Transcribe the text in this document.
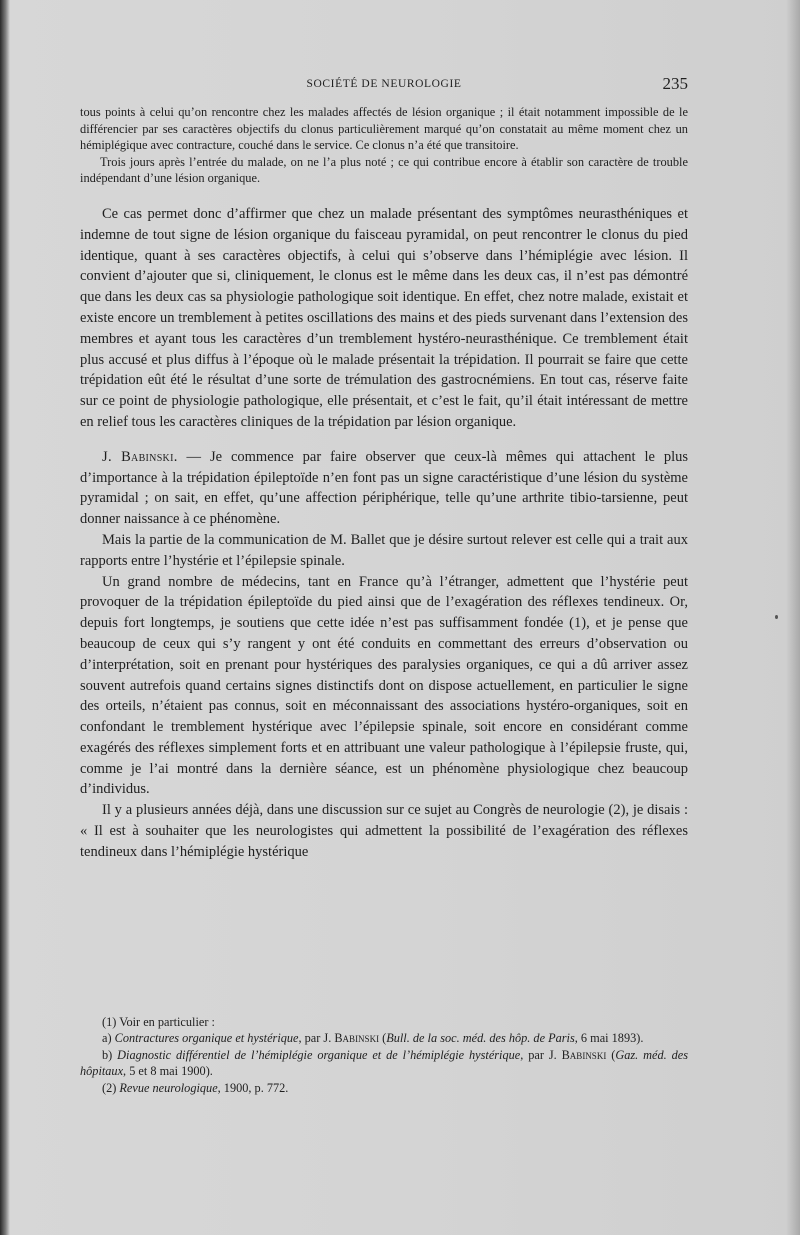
SOCIÉTÉ DE NEUROLOGIE	235

tous points à celui qu’on rencontre chez les malades affectés de lésion organique ; il était notamment impossible de le différencier par ses caractères objectifs du clonus particulièrement marqué qu’on constatait au même moment chez un hémiplégique avec contracture, couché dans le service. Ce clonus n’a été que transitoire.

Trois jours après l’entrée du malade, on ne l’a plus noté ; ce qui contribue encore à établir son caractère de trouble indépendant d’une lésion organique.

Ce cas permet donc d’affirmer que chez un malade présentant des symptômes neurasthéniques et indemne de tout signe de lésion organique du faisceau pyramidal, on peut rencontrer le clonus du pied identique, quant à ses caractères objectifs, à celui qui s’observe dans l’hémiplégie avec lésion. Il convient d’ajouter que si, cliniquement, le clonus est le même dans les deux cas, il n’est pas démontré que dans les deux cas sa physiologie pathologique soit identique. En effet, chez notre malade, existait et existe encore un tremblement à petites oscillations des mains et des pieds survenant dans l’extension des membres et ayant tous les caractères d’un tremblement hystéro-neurasthénique. Ce tremblement était plus accusé et plus diffus à l’époque où le malade présentait la trépidation. Il pourrait se faire que cette trépidation eût été le résultat d’une sorte de trémulation des gastrocnémiens. En tout cas, réserve faite sur ce point de physiologie pathologique, elle présentait, et c’est le fait, qu’il était intéressant de mettre en relief tous les caractères cliniques de la trépidation par lésion organique.

J. Babinski. — Je commence par faire observer que ceux-là mêmes qui attachent le plus d’importance à la trépidation épileptoïde n’en font pas un signe caractéristique d’une lésion du système pyramidal ; on sait, en effet, qu’une affection périphérique, telle qu’une arthrite tibio-tarsienne, peut donner naissance à ce phénomène.

Mais la partie de la communication de M. Ballet que je désire surtout relever est celle qui a trait aux rapports entre l’hystérie et l’épilepsie spinale.

Un grand nombre de médecins, tant en France qu’à l’étranger, admettent que l’hystérie peut provoquer de la trépidation épileptoïde du pied ainsi que de l’exagération des réflexes tendineux. Or, depuis fort longtemps, je soutiens que cette idée n’est pas suffisamment fondée (1), et je pense que beaucoup de ceux qui s’y rangent y ont été conduits en commettant des erreurs d’observation ou d’interprétation, soit en prenant pour hystériques des paralysies organiques, ce qui a dû arriver assez souvent autrefois quand certains signes distinctifs dont on dispose actuellement, en particulier le signe des orteils, n’étaient pas connus, soit en méconnaissant des associations hystéro-organiques, soit en confondant le tremblement hystérique avec l’épilepsie spinale, soit encore en considérant comme exagérés des réflexes simplement forts et en attribuant une valeur pathologique à l’épilepsie fruste, qui, comme je l’ai montré dans la dernière séance, est un phénomène physiologique chez beaucoup d’individus.

Il y a plusieurs années déjà, dans une discussion sur ce sujet au Congrès de neurologie (2), je disais : « Il est à souhaiter que les neurologistes qui admettent la possibilité de l’exagération des réflexes tendineux dans l’hémiplégie hystérique

(1) Voir en particulier :

a) Contractures organique et hystérique, par J. Babinski (Bull. de la soc. méd. des hôp. de Paris, 6 mai 1893).

b) Diagnostic différentiel de l’hémiplégie organique et de l’hémiplégie hystérique, par J. Babinski (Gaz. méd. des hôpitaux, 5 et 8 mai 1900).

(2) Revue neurologique, 1900, p. 772.
